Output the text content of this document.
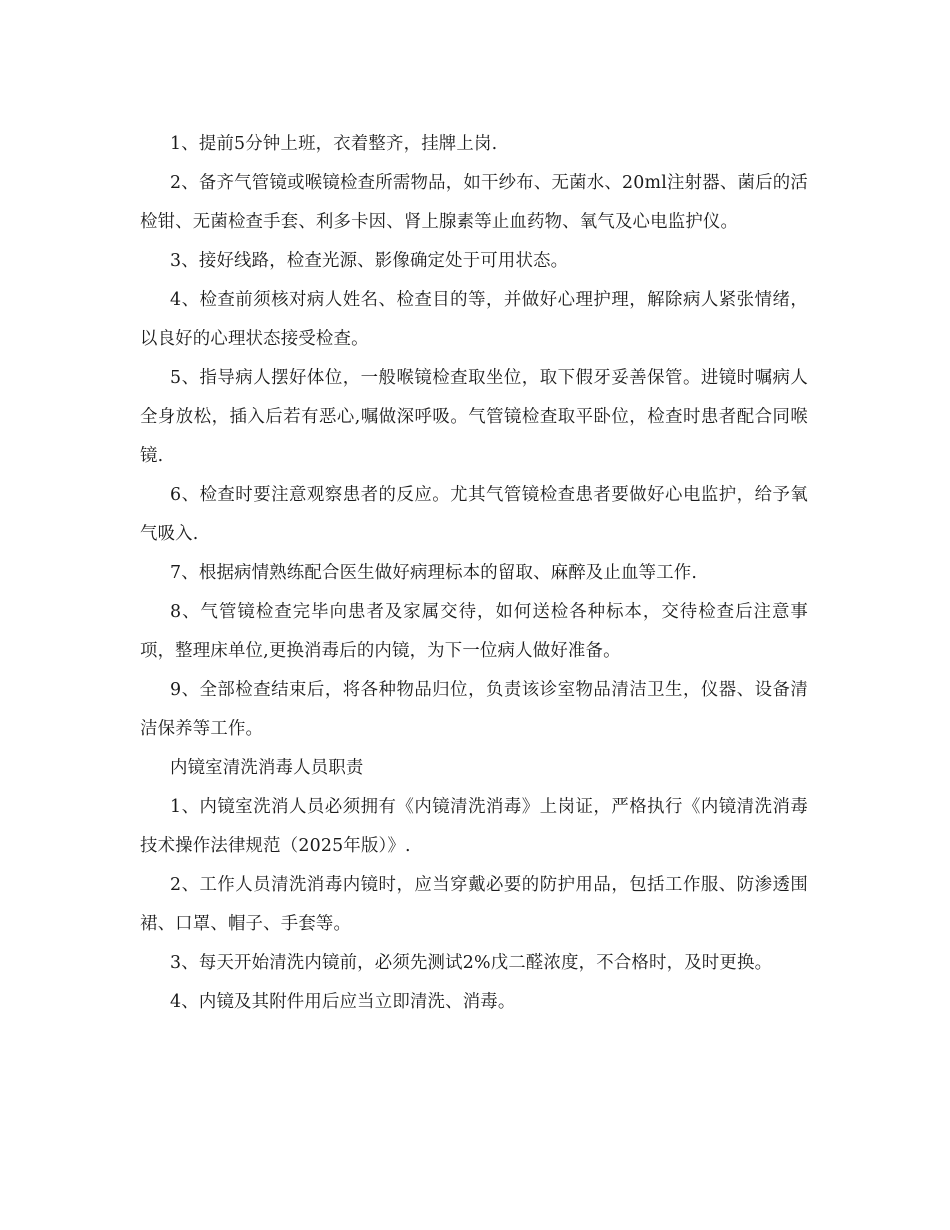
1、提前5分钟上班，衣着整齐，挂牌上岗.

2、备齐气管镜或喉镜检查所需物品，如干纱布、无菌水、20ml注射器、菌后的活检钳、无菌检查手套、利多卡因、肾上腺素等止血药物、氧气及心电监护仪。

3、接好线路，检查光源、影像确定处于可用状态。

4、检查前须核对病人姓名、检查目的等，并做好心理护理，解除病人紧张情绪，以良好的心理状态接受检查。

5、指导病人摆好体位，一般喉镜检查取坐位，取下假牙妥善保管。进镜时嘱病人全身放松，插入后若有恶心,嘱做深呼吸。气管镜检查取平卧位，检查时患者配合同喉镜.

6、检查时要注意观察患者的反应。尤其气管镜检查患者要做好心电监护，给予氧气吸入.

7、根据病情熟练配合医生做好病理标本的留取、麻醉及止血等工作.

8、气管镜检查完毕向患者及家属交待，如何送检各种标本，交待检查后注意事项，整理床单位,更换消毒后的内镜，为下一位病人做好准备。

9、全部检查结束后，将各种物品归位，负责该诊室物品清洁卫生，仪器、设备清洁保养等工作。

内镜室清洗消毒人员职责

1、内镜室洗消人员必须拥有《内镜清洗消毒》上岗证，严格执行《内镜清洗消毒技术操作法律规范（2025年版）》.

2、工作人员清洗消毒内镜时，应当穿戴必要的防护用品，包括工作服、防渗透围裙、口罩、帽子、手套等。

3、每天开始清洗内镜前，必须先测试2%戊二醛浓度，不合格时，及时更换。

4、内镜及其附件用后应当立即清洗、消毒。
